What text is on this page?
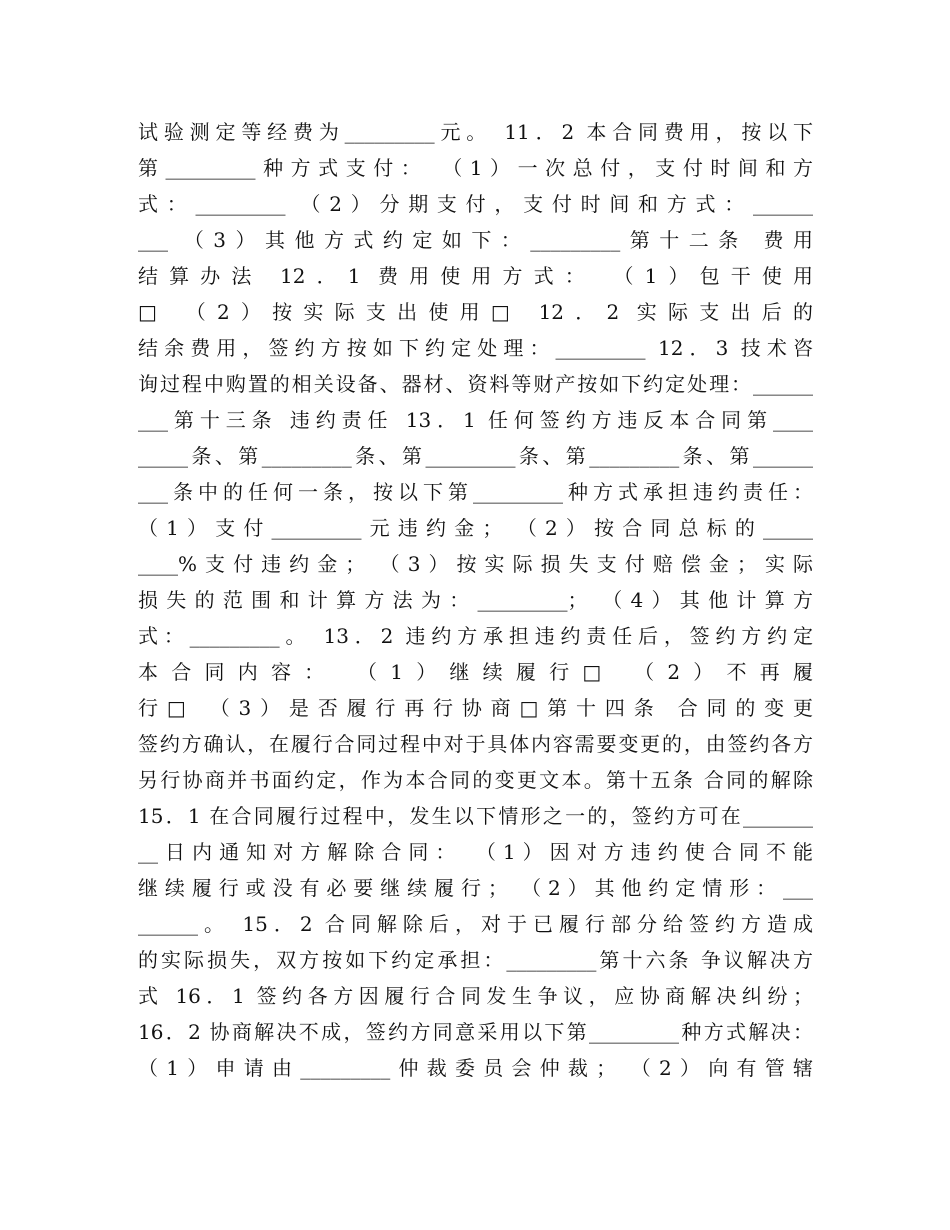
试验测定等经费为_________元。 11．2 本合同费用，按以下
第_________种方式支付： （1）一次总付，支付时间和方
式：_________ （2）分期支付，支付时间和方式：______
___ （3）其他方式约定如下：_________第十二条 费用
结算办法 12．1 费用使用方式： （1）包干使用
□ （2）按实际支出使用□ 12．2 实际支出后的
结余费用，签约方按如下约定处理：_________ 12．3 技术咨
询过程中购置的相关设备、器材、资料等财产按如下约定处理：______
___第十三条 违约责任 13．1 任何签约方违反本合同第____
_____条、第_________条、第_________条、第_________条、第______
___条中的任何一条，按以下第_________种方式承担违约责任：
（1）支付_________元违约金； （2）按合同总标的_____
____%支付违约金； （3）按实际损失支付赔偿金；实际
损失的范围和计算方法为：_________； （4）其他计算方
式：_________。 13．2 违约方承担违约责任后，签约方约定
本合同内容： （1）继续履行□ （2）不再履
行□ （3）是否履行再行协商□第十四条 合同的变更
签约方确认，在履行合同过程中对于具体内容需要变更的，由签约各方
另行协商并书面约定，作为本合同的变更文本。第十五条 合同的解除
15．1 在合同履行过程中，发生以下情形之一的，签约方可在_______
__日内通知对方解除合同： （1）因对方违约使合同不能
继续履行或没有必要继续履行； （2）其他约定情形：___
______。 15．2 合同解除后，对于已履行部分给签约方造成
的实际损失，双方按如下约定承担：_________第十六条 争议解决方
式 16．1 签约各方因履行合同发生争议，应协商解决纠纷；
16．2 协商解决不成，签约方同意采用以下第_________种方式解决：
（1）申请由_________仲裁委员会仲裁； （2）向有管辖
